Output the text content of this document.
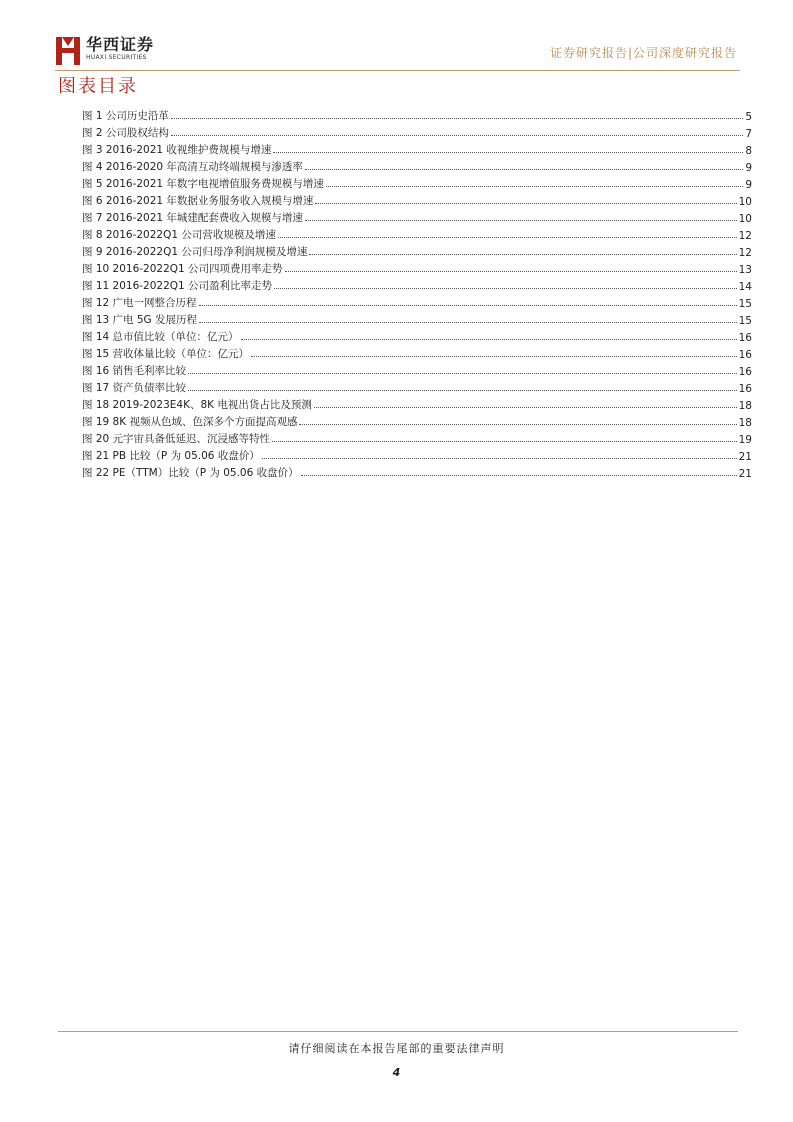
华西证券
HUAXI SECURITIES	证券研究报告|公司深度研究报告
图表目录
图 1 公司历史沿革	5
图 2 公司股权结构	7
图 3 2016-2021 收视维护费规模与增速	8
图 4 2016-2020 年高清互动终端规模与渗透率	9
图 5 2016-2021 年数字电视增值服务费规模与增速	9
图 6 2016-2021 年数据业务服务收入规模与增速	10
图 7 2016-2021 年城建配套费收入规模与增速	10
图 8 2016-2022Q1 公司营收规模及增速	12
图 9 2016-2022Q1 公司归母净利润规模及增速	12
图 10 2016-2022Q1 公司四项费用率走势	13
图 11 2016-2022Q1 公司盈利比率走势	14
图 12 广电一网整合历程	15
图 13 广电 5G 发展历程	15
图 14 总市值比较（单位：亿元）	16
图 15 营收体量比较（单位：亿元）	16
图 16 销售毛利率比较	16
图 17 资产负债率比较	16
图 18 2019-2023E4K、8K 电视出货占比及预测	18
图 19 8K 视频从色域、色深多个方面提高观感	18
图 20 元宇宙具备低延迟、沉浸感等特性	19
图 21 PB 比较（P 为 05.06 收盘价）	21
图 22 PE（TTM）比较（P 为 05.06 收盘价）	21
请仔细阅读在本报告尾部的重要法律声明
4
